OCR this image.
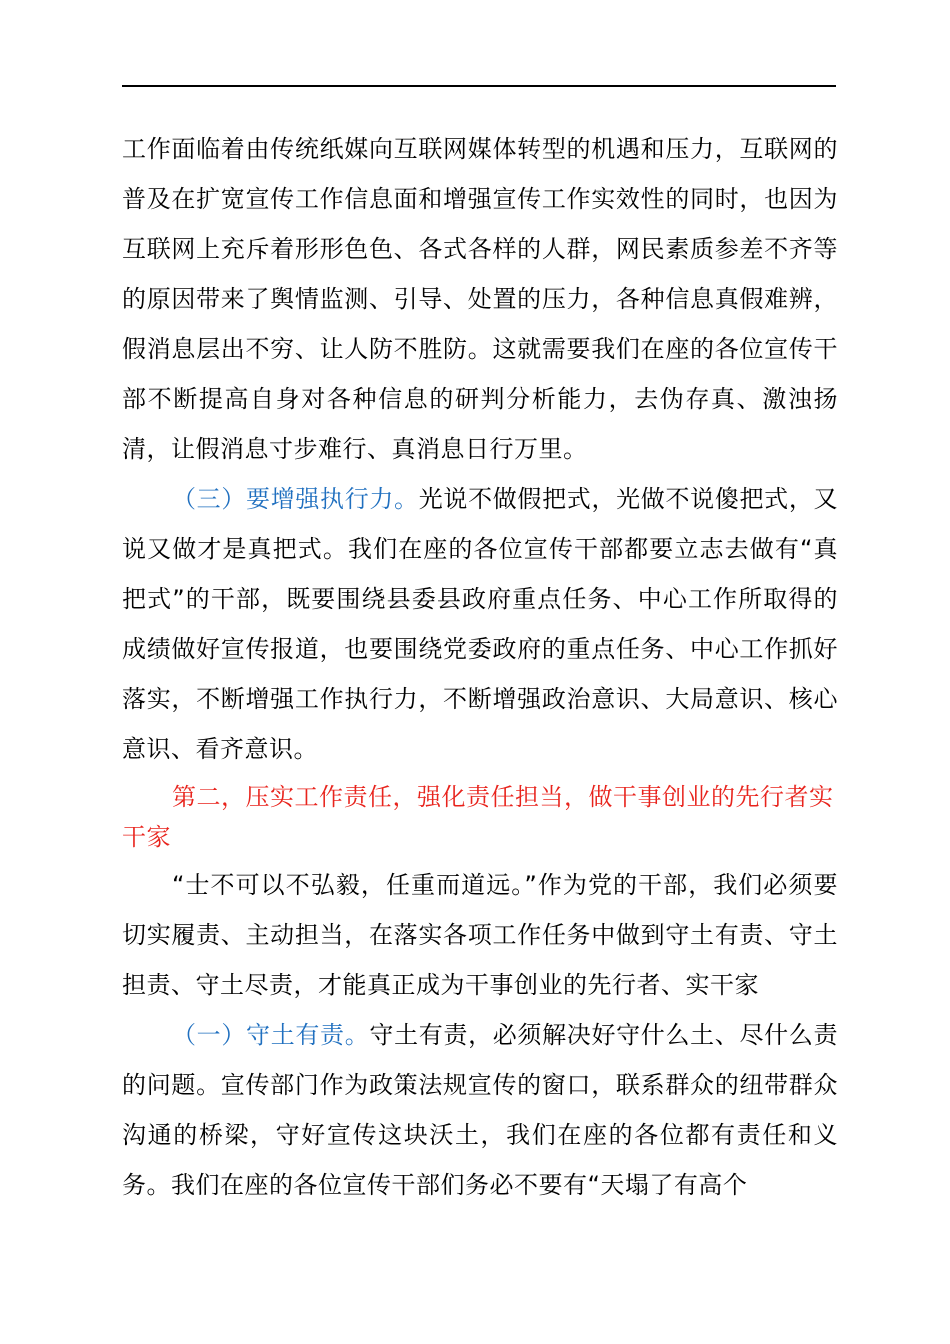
工作面临着由传统纸媒向互联网媒体转型的机遇和压力，互联网的普及在扩宽宣传工作信息面和增强宣传工作实效性的同时，也因为互联网上充斥着形形色色、各式各样的人群，网民素质参差不齐等的原因带来了舆情监测、引导、处置的压力，各种信息真假难辨，假消息层出不穷、让人防不胜防。这就需要我们在座的各位宣传干部不断提高自身对各种信息的研判分析能力，去伪存真、激浊扬清，让假消息寸步难行、真消息日行万里。

（三）要增强执行力。光说不做假把式，光做不说傻把式，又说又做才是真把式。我们在座的各位宣传干部都要立志去做有“真把式”的干部，既要围绕县委县政府重点任务、中心工作所取得的成绩做好宣传报道，也要围绕党委政府的重点任务、中心工作抓好落实，不断增强工作执行力，不断增强政治意识、大局意识、核心意识、看齐意识。

第二，压实工作责任，强化责任担当，做干事创业的先行者实干家

“士不可以不弘毅，任重而道远。”作为党的干部，我们必须要切实履责、主动担当，在落实各项工作任务中做到守土有责、守土担责、守土尽责，才能真正成为干事创业的先行者、实干家

（一）守土有责。守土有责，必须解决好守什么土、尽什么责的问题。宣传部门作为政策法规宣传的窗口，联系群众的纽带群众沟通的桥梁，守好宣传这块沃土，我们在座的各位都有责任和义务。我们在座的各位宣传干部们务必不要有“天塌了有高个
